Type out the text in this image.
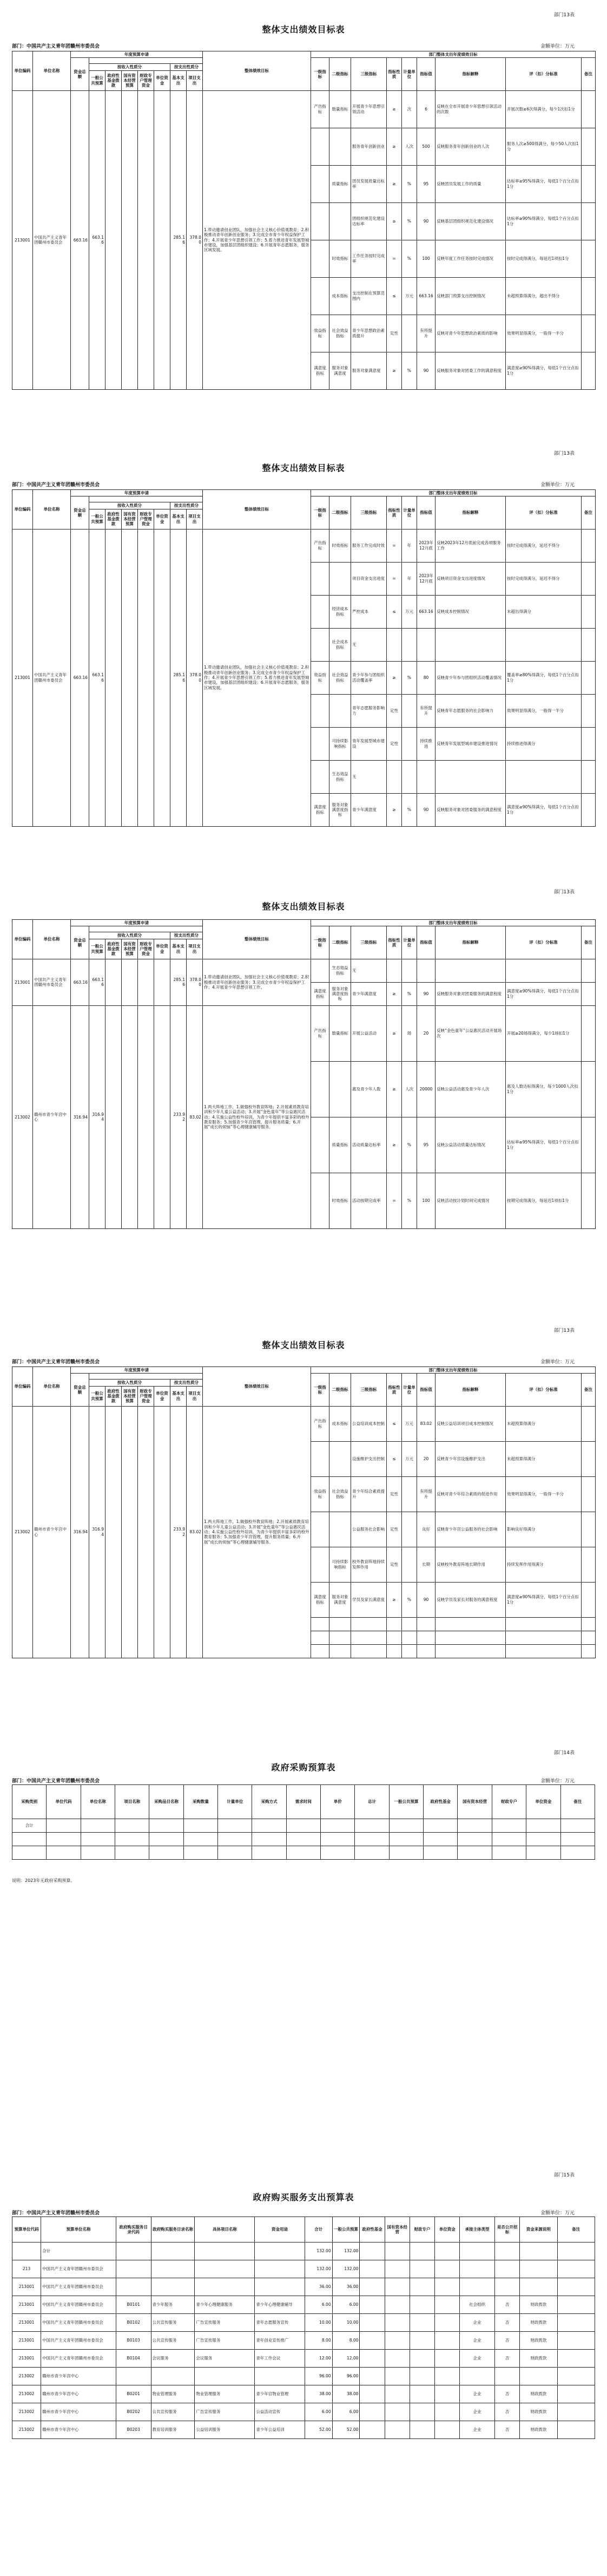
部门13表
整体支出绩效目标表
部门：中国共产主义青年团赣州市委员会	金额单位：万元
单位编码	单位名称	年度预算申请								整体绩效目标	部门整体支出年度绩效目标								
		资金总额									一级指标	二级指标	三级指标	指标性质	计量单位	指标值	指标解释	评（扣）分标准	备注
			按收入性质分					按支出性质分											
			一般公共预算	政府性基金拨款	国有资本经营预算	财政专户管理资金	单位资金	基本支出	项目支出										
213001	中国共产主义青年团赣州市委员会	663.16	663.16					285.16	378.00	1.带动邀请创业团队，加强社会主义核心价值观教育；2.积极推动青年创新创业服务；3.完成全市青少年权益保护工作；4.开展青少年思想引领工作；5.着力推进青年发展型城市建设，加强基层团组织建设；6.开展青年志愿服务，服务区域发展。	产出指标	数量指标	开展青少年思想引领活动	≥	次	6	反映在全市开展青少年思想引领活动的次数	开展次数≥6次得满分，每少1次扣1分	
													服务青年创新创业	≥	人次	500	反映服务青年创新创业的人次	服务人次≥500得满分，每少50人次扣1分	
												质量指标	团员发展质量达标率	≥	%	95	反映团员发展工作的质量	达标率≥95%得满分，每低1个百分点扣1分	
													团组织规范化建设达标率	≥	%	90	反映基层团组织规范化建设情况	达标率≥90%得满分，每低1个百分点扣1分	
												时效指标	工作任务按时完成率	=	%	100	反映年度工作任务按时完成情况	按时完成得满分，每延迟1项扣1分	
												成本指标	支出控制在预算范围内	≤	万元	663.16	反映部门预算支出控制情况	未超预算得满分，超出不得分	
											效益指标	社会效益指标	青少年思想政治素质提升	定性		有所提升	反映对青少年思想政治素质的影响	效果明显得满分，一般得一半分	
											满意度指标	服务对象满意度	服务对象满意度	≥	%	90	反映服务对象对团委工作的满意程度	满意度≥90%得满分，每低1个百分点扣1分	
部门13表
整体支出绩效目标表
部门：中国共产主义青年团赣州市委员会	金额单位：万元
单位编码	单位名称	年度预算申请								整体绩效目标	部门整体支出年度绩效目标								
		资金总额									一级指标	二级指标	三级指标	指标性质	计量单位	指标值	指标解释	评（扣）分标准	备注
			按收入性质分					按支出性质分											
			一般公共预算	政府性基金拨款	国有资本经营预算	财政专户管理资金	单位资金	基本支出	项目支出										
213001	中国共产主义青年团赣州市委员会	663.16	663.16					285.16	378.00	1.带动邀请创业团队，加强社会主义核心价值观教育；2.积极推动青年创新创业服务；3.完成全市青少年权益保护工作；4.开展青少年思想引领工作；5.着力推进青年发展型城市建设，加强基层团组织建设；6.开展青年志愿服务，服务区域发展。	产出指标	时效指标	服务工作完成时效	=	年	2023年12月底	反映2023年12月底前完成各项服务工作	按时完成得满分，延迟不得分	
													项目资金支出进度	=	年	2023年12月底	反映项目资金支出进度情况	按时完成得满分，延迟不得分	
												经济成本指标	严控成本	≤	万元	663.16	反映成本控制情况	未超出得满分	
												社会成本指标	无						
											效益指标	社会效益指标	青少年参与团组织活动覆盖率	≥	%	80	反映青少年参与团组织活动覆盖情况	覆盖率≥80%得满分，每低1个百分点扣1分	
													青年志愿服务影响力	定性		有所提升	反映青年志愿服务的社会影响力	效果明显得满分，一般得一半分	
												可持续影响指标	青年发展型城市建设	定性		持续推进	反映青年发展型城市建设推进情况	持续推进得满分	
												生态效益指标	无						
											满意度指标	服务对象满意度指标	青少年满意度	≥	%	90	反映服务对象对团委服务的满意程度	满意度≥90%得满分，每低1个百分点扣1分	
部门13表
整体支出绩效目标表
单位编码	单位名称	年度预算申请								整体绩效目标	部门整体支出年度绩效目标								
		资金总额									一级指标	二级指标	三级指标	指标性质	计量单位	指标值	指标解释	评（扣）分标准	备注
			按收入性质分					按支出性质分											
			一般公共预算	政府性基金拨款	国有资本经营预算	财政专户管理资金	单位资金	基本支出	项目支出										
213001	中国共产主义青年团赣州市委员会	663.16	663.16					285.16	378.00	1.带动邀请创业团队，加强社会主义核心价值观教育；2.积极推动青年创新创业服务；3.完成全市青少年权益保护工作；4.开展青少年思想引领工作。		生态效益指标	无						
											满意度指标	服务对象满意度指标	青少年满意度	≥	%	90	反映服务对象对团委服务的满意程度	满意度≥90%得满分，每低1个百分点扣1分	
213002	赣州市青少年宫中心	316.94	316.94					233.92	83.02	1.两大阵地工作，1.做强校外教育阵地；2.开展素质教育培训和少年儿童公益活动；3.开展“金色童年”等公益惠民活动；4.实施公益性校外培训，为青少年提供丰富多彩的校外教育服务；5.加强青少年宫管理，提升服务质量；6.开展“成长的烦恼”等心理健康辅导服务。	产出指标	数量指标	开展公益活动	≥	场	20	反映“金色童年”公益惠民活动开展场次	开展≥20场得满分，每少1场扣1分	
													惠及青少年人数	≥	人次	20000	反映公益活动惠及青少年人次	惠及人数达标得满分，每少1000人次扣1分	
												质量指标	活动质量达标率	≥	%	95	反映公益活动质量达标情况	达标率≥95%得满分，每低1个百分点扣1分	
												时效指标	活动按期完成率	=	%	100	反映活动按计划时间完成情况	按期完成得满分，每延迟1项扣1分	
部门13表
整体支出绩效目标表
部门：中国共产主义青年团赣州市委员会	金额单位：万元
单位编码	单位名称	年度预算申请								整体绩效目标	部门整体支出年度绩效目标								
		资金总额									一级指标	二级指标	三级指标	指标性质	计量单位	指标值	指标解释	评（扣）分标准	备注
			按收入性质分					按支出性质分											
			一般公共预算	政府性基金拨款	国有资本经营预算	财政专户管理资金	单位资金	基本支出	项目支出										
213002	赣州市青少年宫中心	316.94	316.94					233.92	83.02	1.两大阵地工作，1.做强校外教育阵地；2.开展素质教育培训和少年儿童公益活动；3.开展“金色童年”等公益惠民活动；4.实施公益性校外培训，为青少年提供丰富多彩的校外教育服务；5.加强青少年宫管理，提升服务质量；6.开展“成长的烦恼”等心理健康辅导服务。	产出指标	成本指标	公益培训成本控制	≤	万元	83.02	反映公益培训项目成本控制情况	未超预算得满分	
													设施维护支出控制	≤	万元	20	反映青少年宫设施维护支出	未超预算得满分	
											效益指标	社会效益指标	青少年综合素质提升	定性		有所提升	反映对青少年综合素质的促进作用	效果明显得满分，一般得一半分	
													公益服务社会影响	定性		良好	反映青少年宫公益服务的社会影响	影响良好得满分	
												可持续影响指标	校外教育阵地持续发挥作用	定性		长期	反映校外教育阵地长期作用	持续发挥作用得满分	
											满意度指标	服务对象满意度	学员及家长满意度	≥	%	90	反映学员及家长对服务的满意程度	满意度≥90%得满分，每低1个百分点扣1分	

部门14表
政府采购预算表
部门：中国共产主义青年团赣州市委员会	金额单位：万元
采购类别	单位代码	单位名称	项目名称	采购品目名称	采购数量	计量单位	采购方式	需求时间	单价	总计	一般公共预算	政府性基金	国有资本经营	财政专户	单位资金	备注
合计																

说明：2023年无政府采购预算。
部门15表
政府购买服务支出预算表
部门：中国共产主义青年团赣州市委员会	金额单位：万元
预算单位代码	预算单位名称	政府购买服务目录代码	政府购买服务目录名称	具体项目名称	资金用途	合计	一般公共预算	政府性基金	国有资本经营	财政专户	单位资金	承接主体类型	是否公开招标	资金来源说明	备注
	合计					132.00	132.00								
213	中国共产主义青年团赣州市委员会					132.00	132.00								
213001	中国共产主义青年团赣州市委员会					36.00	36.00								
213001	中国共产主义青年团赣州市委员会	B0101	青少年服务	青少年心理健康服务	青少年心理健康辅导	6.00	6.00					社会组织	否	财政拨款	
213001	中国共产主义青年团赣州市委员会	B0102	公共宣传服务	广告宣传服务	青年志愿服务宣传	10.00	10.00					企业	否	财政拨款	
213001	中国共产主义青年团赣州市委员会	B0103	公共宣传服务	广告宣传服务	青年创业宣传推广	8.00	8.00					企业	否	财政拨款	
213001	中国共产主义青年团赣州市委员会	B0104	会议服务	会议服务	青年工作会议	12.00	12.00					企业	否	财政拨款	
213002	赣州市青少年宫中心					96.00	96.00								
213002	赣州市青少年宫中心	B0201	物业管理服务	物业管理服务	青少年宫物业管理	38.00	38.00					企业	否	财政拨款	
213002	赣州市青少年宫中心	B0202	公共宣传服务	广告宣传服务	公益活动宣传	6.00	6.00					企业	否	财政拨款	
213002	赣州市青少年宫中心	B0203	教育培训服务	公益培训服务	青少年公益培训	52.00	52.00					企业	否	财政拨款	
